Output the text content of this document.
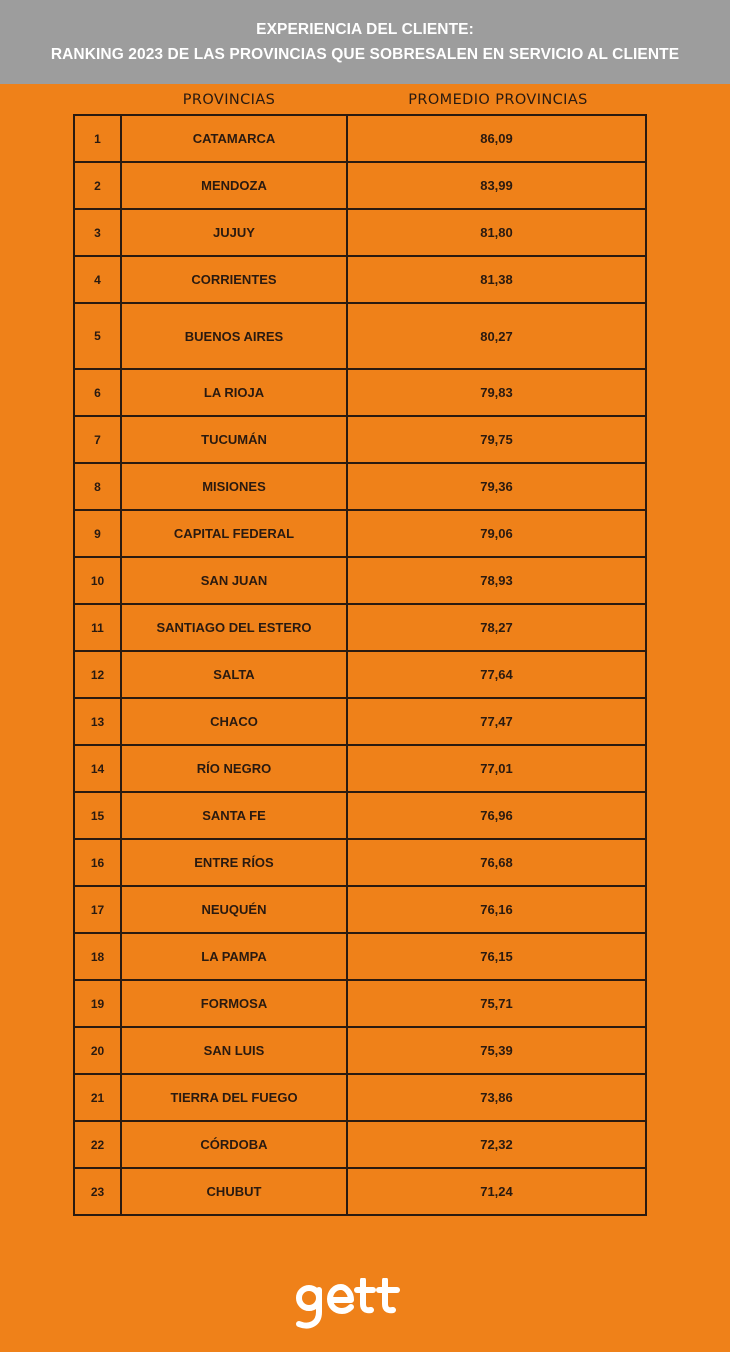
EXPERIENCIA DEL CLIENTE:
RANKING 2023 DE LAS PROVINCIAS QUE SOBRESALEN EN SERVICIO AL CLIENTE
PROVINCIAS	PROMEDIO PROVINCIAS
1	CATAMARCA	86,09
2	MENDOZA	83,99
3	JUJUY	81,80
4	CORRIENTES	81,38
5	BUENOS AIRES	80,27
6	LA RIOJA	79,83
7	TUCUMÁN	79,75
8	MISIONES	79,36
9	CAPITAL FEDERAL	79,06
10	SAN JUAN	78,93
11	SANTIAGO DEL ESTERO	78,27
12	SALTA	77,64
13	CHACO	77,47
14	RÍO NEGRO	77,01
15	SANTA FE	76,96
16	ENTRE RÍOS	76,68
17	NEUQUÉN	76,16
18	LA PAMPA	76,15
19	FORMOSA	75,71
20	SAN LUIS	75,39
21	TIERRA DEL FUEGO	73,86
22	CÓRDOBA	72,32
23	CHUBUT	71,24
